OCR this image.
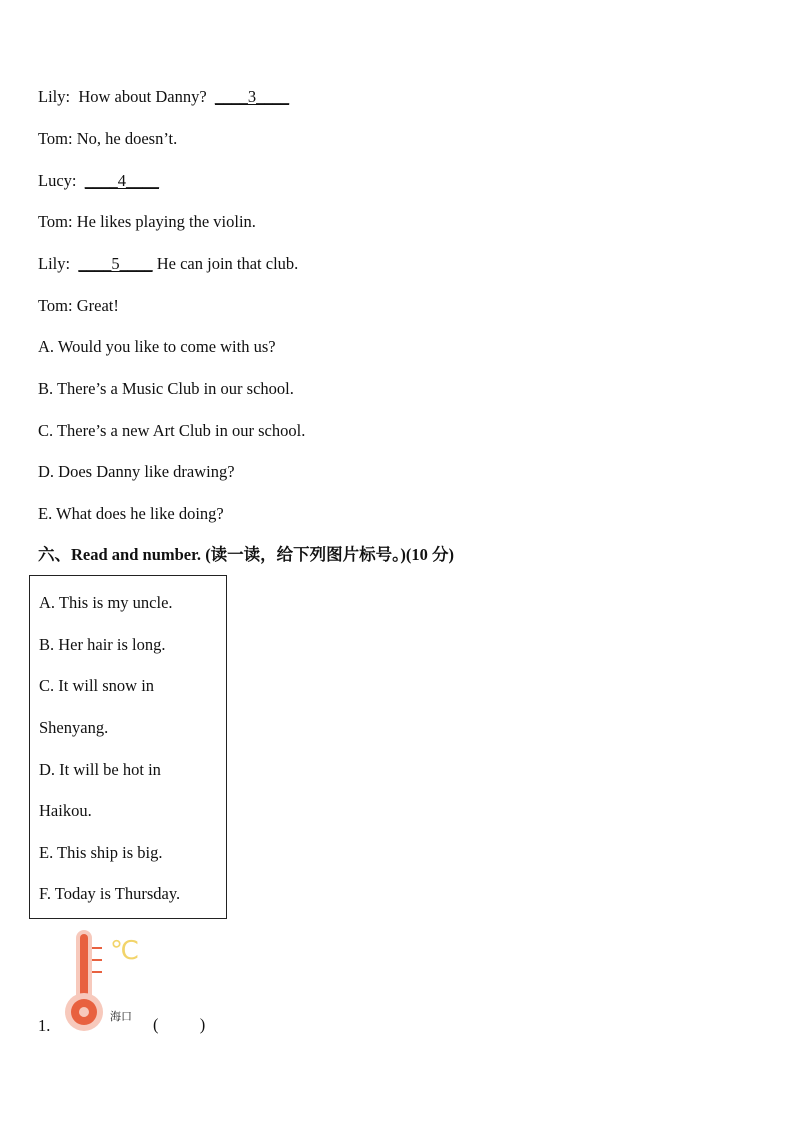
Lily: How about Danny? ____3____
Tom: No, he doesn’t.
Lucy: ____4____
Tom: He likes playing the violin.
Lily: ____5____ He can join that club.
Tom: Great!
A. Would you like to come with us?
B. There’s a Music Club in our school.
C. There’s a new Art Club in our school.
D. Does Danny like drawing?
E. What does he like doing?
六、Read and number. (读一读，给下列图片标号。)(10 分)
A. This is my uncle.
B. Her hair is long.
C. It will snow in
Shenyang.
D. It will be hot in
Haikou.
E. This ship is big.
F. Today is Thursday.
1.
℃
海口 (          )
